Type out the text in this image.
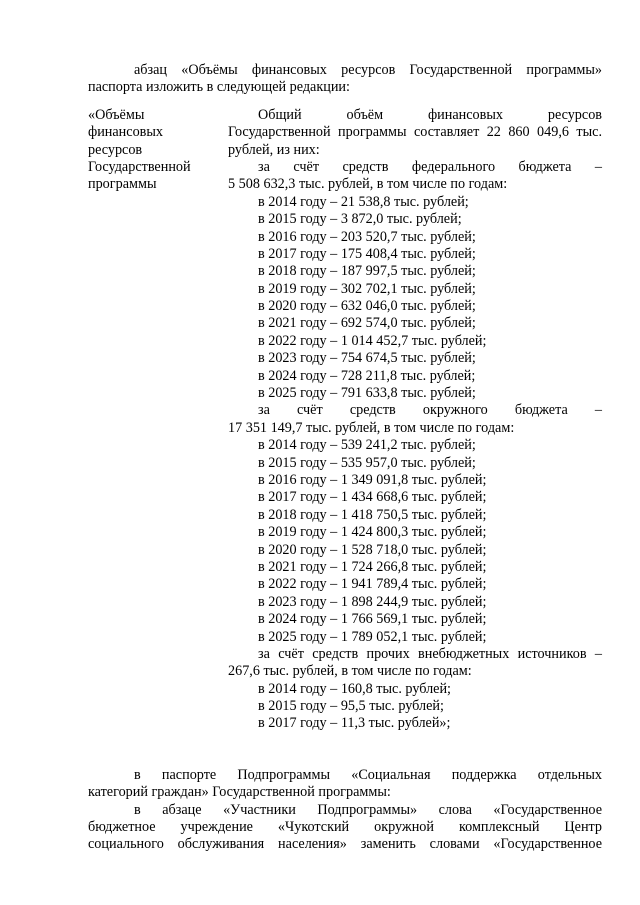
абзац «Объёмы финансовых ресурсов Государственной программы»
паспорта изложить в следующей редакции:
«Объёмы
финансовых
ресурсов
Государственной
программы
Общий объём финансовых ресурсов
Государственной программы составляет 22 860 049,6 тыс.
рублей, из них:
за счёт средств федерального бюджета –
5 508 632,3 тыс. рублей, в том числе по годам:
в 2014 году – 21 538,8 тыс. рублей;
в 2015 году – 3 872,0 тыс. рублей;
в 2016 году – 203 520,7 тыс. рублей;
в 2017 году – 175 408,4 тыс. рублей;
в 2018 году – 187 997,5 тыс. рублей;
в 2019 году – 302 702,1 тыс. рублей;
в 2020 году – 632 046,0 тыс. рублей;
в 2021 году – 692 574,0 тыс. рублей;
в 2022 году – 1 014 452,7 тыс. рублей;
в 2023 году – 754 674,5 тыс. рублей;
в 2024 году – 728 211,8 тыс. рублей;
в 2025 году – 791 633,8 тыс. рублей;
за счёт средств окружного бюджета –
17 351 149,7 тыс. рублей, в том числе по годам:
в 2014 году – 539 241,2 тыс. рублей;
в 2015 году – 535 957,0 тыс. рублей;
в 2016 году – 1 349 091,8 тыс. рублей;
в 2017 году – 1 434 668,6 тыс. рублей;
в 2018 году – 1 418 750,5 тыс. рублей;
в 2019 году – 1 424 800,3 тыс. рублей;
в 2020 году – 1 528 718,0 тыс. рублей;
в 2021 году – 1 724 266,8 тыс. рублей;
в 2022 году – 1 941 789,4 тыс. рублей;
в 2023 году – 1 898 244,9 тыс. рублей;
в 2024 году – 1 766 569,1 тыс. рублей;
в 2025 году – 1 789 052,1 тыс. рублей;
за счёт средств прочих внебюджетных источников –
267,6 тыс. рублей, в том числе по годам:
в 2014 году – 160,8 тыс. рублей;
в 2015 году – 95,5 тыс. рублей;
в 2017 году – 11,3 тыс. рублей»;
в паспорте Подпрограммы «Социальная поддержка отдельных
категорий граждан» Государственной программы:
в абзаце «Участники Подпрограммы» слова «Государственное
бюджетное учреждение «Чукотский окружной комплексный Центр
социального обслуживания населения» заменить словами «Государственное
